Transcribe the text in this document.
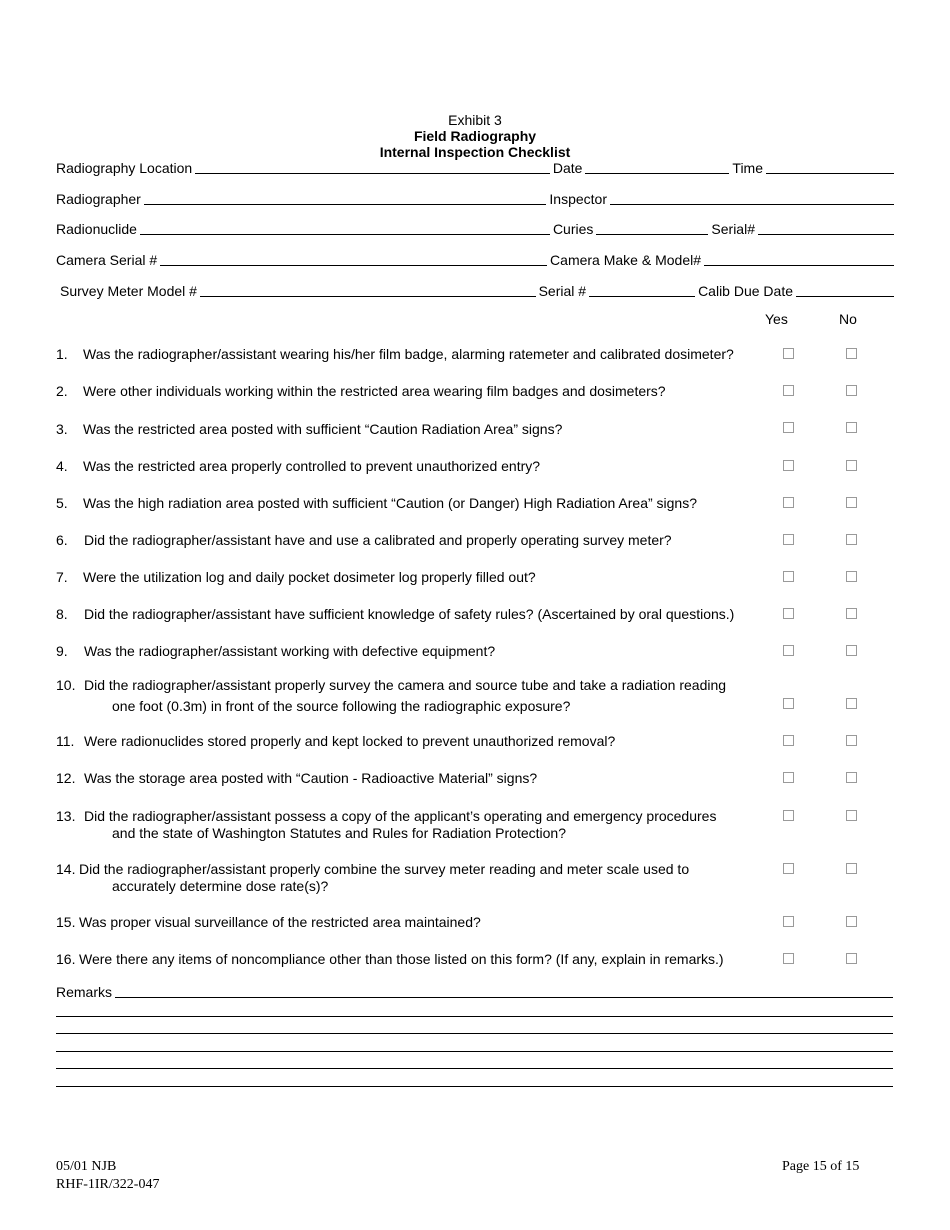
Exhibit 3
Field Radiography
Internal Inspection Checklist
Radiography Location	Date	Time
Radiographer	Inspector
Radionuclide	Curies	Serial#
Camera Serial #	Camera Make & Model#
Survey Meter Model #	Serial #	Calib Due Date
Yes	No
1. Was the radiographer/assistant wearing his/her film badge, alarming ratemeter and calibrated dosimeter?
2. Were other individuals working within the restricted area wearing film badges and dosimeters?
3. Was the restricted area posted with sufficient “Caution Radiation Area” signs?
4. Was the restricted area properly controlled to prevent unauthorized entry?
5. Was the high radiation area posted with sufficient “Caution (or Danger) High Radiation Area” signs?
6. Did the radiographer/assistant have and use a calibrated and properly operating survey meter?
7. Were the utilization log and daily pocket dosimeter log properly filled out?
8. Did the radiographer/assistant have sufficient knowledge of safety rules? (Ascertained by oral questions.)
9. Was the radiographer/assistant working with defective equipment?
10. Did the radiographer/assistant properly survey the camera and source tube and take a radiation reading
one foot (0.3m) in front of the source following the radiographic exposure?
11. Were radionuclides stored properly and kept locked to prevent unauthorized removal?
12. Was the storage area posted with “Caution - Radioactive Material” signs?
13. Did the radiographer/assistant possess a copy of the applicant’s operating and emergency procedures
and the state of Washington Statutes and Rules for Radiation Protection?
14. Did the radiographer/assistant properly combine the survey meter reading and meter scale used to
accurately determine dose rate(s)?
15. Was proper visual surveillance of the restricted area maintained?
16. Were there any items of noncompliance other than those listed on this form? (If any, explain in remarks.)
Remarks
05/01 NJB
RHF-1IR/322-047
Page 15 of 15
